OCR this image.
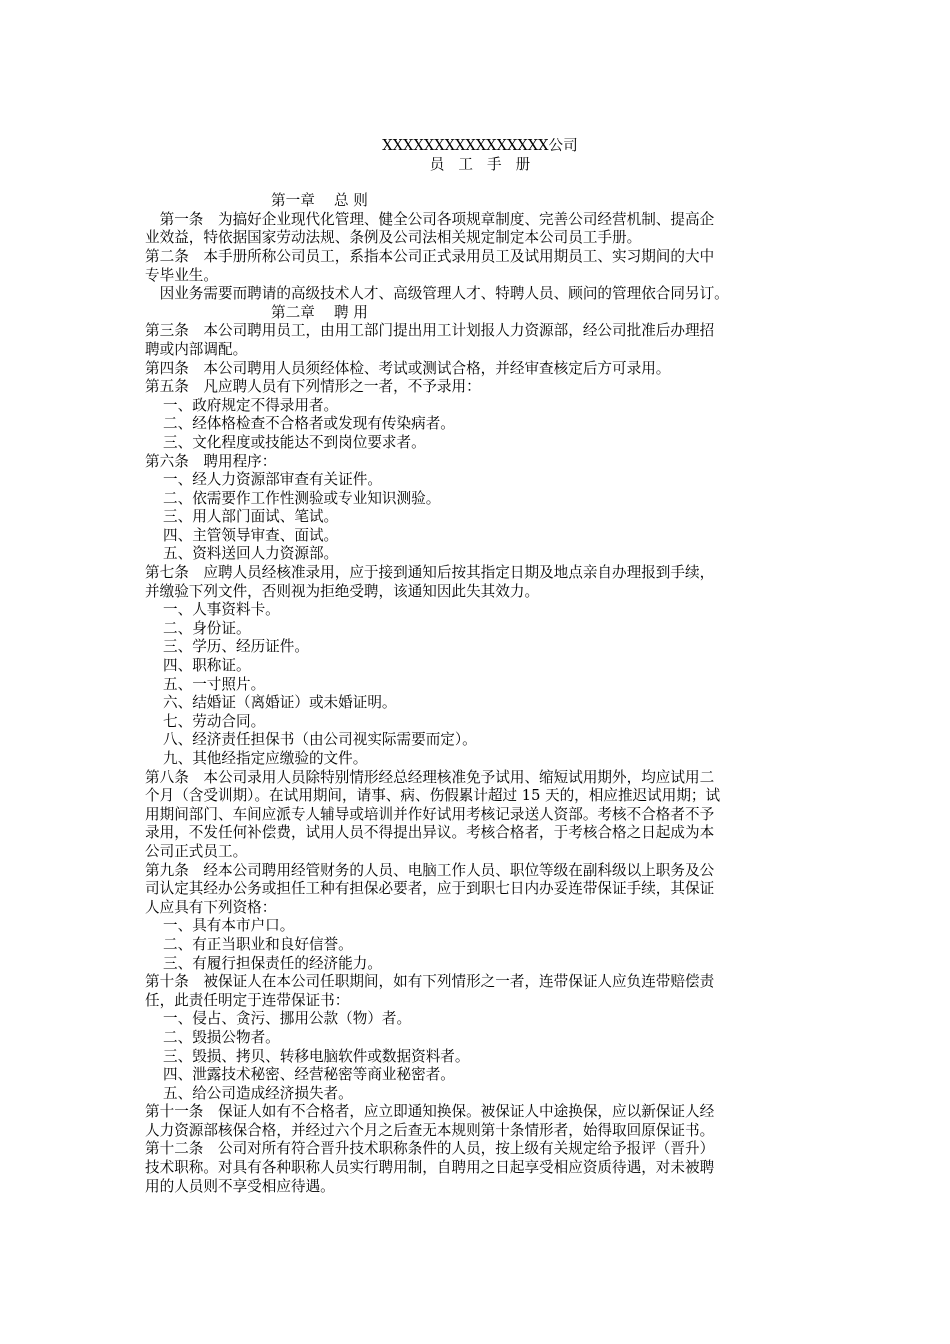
XXXXXXXXXXXXXXXX公司
员工手册
第一章　 总 则
　第一条　为搞好企业现代化管理、健全公司各项规章制度、完善公司经营机制、提高企
业效益，特依据国家劳动法规、条例及公司法相关规定制定本公司员工手册。
第二条　本手册所称公司员工，系指本公司正式录用员工及试用期员工、实习期间的大中
专毕业生。
　因业务需要而聘请的高级技术人才、高级管理人才、特聘人员、顾问的管理依合同另订。
第二章　 聘 用
第三条　本公司聘用员工，由用工部门提出用工计划报人力资源部，经公司批准后办理招
聘或内部调配。
第四条　本公司聘用人员须经体检、考试或测试合格，并经审查核定后方可录用。
第五条　凡应聘人员有下列情形之一者，不予录用：
一、政府规定不得录用者。
二、经体格检查不合格者或发现有传染病者。
三、文化程度或技能达不到岗位要求者。
第六条　聘用程序：
一、经人力资源部审查有关证件。
二、依需要作工作性测验或专业知识测验。
三、用人部门面试、笔试。
四、主管领导审查、面试。
五、资料送回人力资源部。
第七条　应聘人员经核准录用，应于接到通知后按其指定日期及地点亲自办理报到手续，
并缴验下列文件，否则视为拒绝受聘，该通知因此失其效力。
一、人事资料卡。
二、身份证。
三、学历、经历证件。
四、职称证。
五、一寸照片。
六、结婚证（离婚证）或未婚证明。
七、劳动合同。
八、经济责任担保书（由公司视实际需要而定）。
九、其他经指定应缴验的文件。
第八条　本公司录用人员除特别情形经总经理核准免予试用、缩短试用期外，均应试用二
个月（含受训期）。在试用期间，请事、病、伤假累计超过 15 天的，相应推迟试用期；试
用期间部门、车间应派专人辅导或培训并作好试用考核记录送人资部。考核不合格者不予
录用，不发任何补偿费，试用人员不得提出异议。考核合格者，于考核合格之日起成为本
公司正式员工。
第九条　经本公司聘用经管财务的人员、电脑工作人员、职位等级在副科级以上职务及公
司认定其经办公务或担任工种有担保必要者，应于到职七日内办妥连带保证手续，其保证
人应具有下列资格：
一、具有本市户口。
二、有正当职业和良好信誉。
三、有履行担保责任的经济能力。
第十条　被保证人在本公司任职期间，如有下列情形之一者，连带保证人应负连带赔偿责
任，此责任明定于连带保证书：
一、侵占、贪污、挪用公款（物）者。
二、毁损公物者。
三、毁损、拷贝、转移电脑软件或数据资料者。
四、泄露技术秘密、经营秘密等商业秘密者。
五、给公司造成经济损失者。
第十一条　保证人如有不合格者，应立即通知换保。被保证人中途换保，应以新保证人经
人力资源部核保合格，并经过六个月之后查无本规则第十条情形者，始得取回原保证书。
第十二条　公司对所有符合晋升技术职称条件的人员，按上级有关规定给予报评（晋升）
技术职称。对具有各种职称人员实行聘用制，自聘用之日起享受相应资质待遇，对未被聘
用的人员则不享受相应待遇。
